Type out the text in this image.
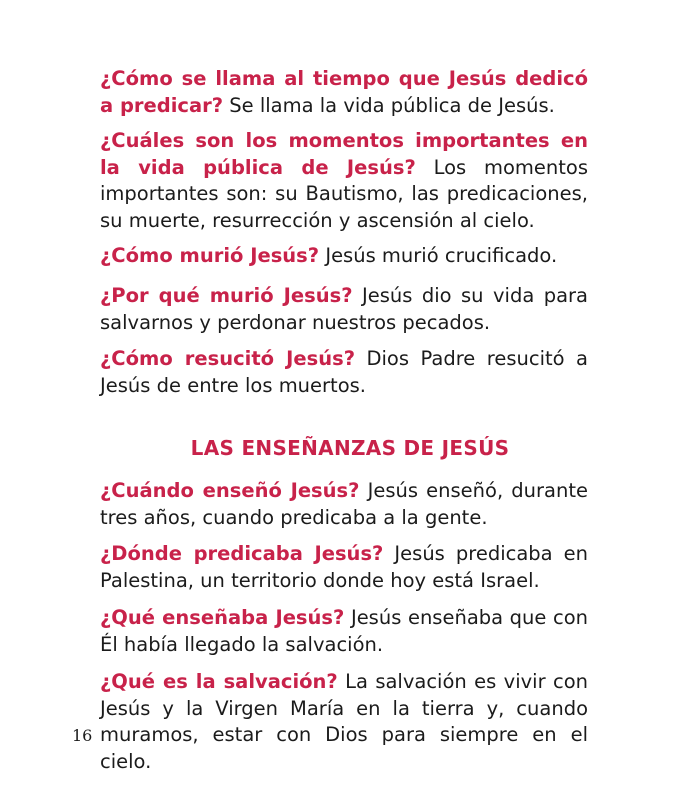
¿Cómo se llama al tiempo que Jesús dedicó a predicar? Se llama la vida pública de Jesús.

¿Cuáles son los momentos importantes en la vida pública de Jesús? Los momentos importantes son: su Bautismo, las predicaciones, su muerte, resurrección y ascensión al cielo.

¿Cómo murió Jesús? Jesús murió crucificado.

¿Por qué murió Jesús? Jesús dio su vida para salvarnos y perdonar nuestros pecados.

¿Cómo resucitó Jesús? Dios Padre resucitó a Jesús de entre los muertos.

LAS ENSEÑANZAS DE JESÚS

¿Cuándo enseñó Jesús? Jesús enseñó, durante tres años, cuando predicaba a la gente.

¿Dónde predicaba Jesús? Jesús predicaba en Palestina, un territorio donde hoy está Israel.

¿Qué enseñaba Jesús? Jesús enseñaba que con Él había llegado la salvación.

¿Qué es la salvación? La salvación es vivir con Jesús y la Virgen María en la tierra y, cuando muramos, estar con Dios para siempre en el cielo.

16
